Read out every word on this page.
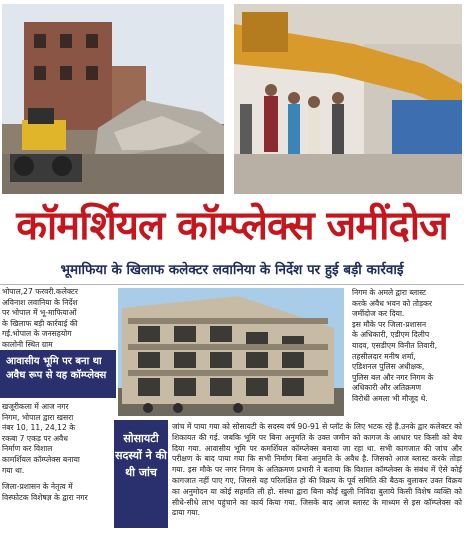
कॉमर्शियल कॉम्प्लेक्स जमींदोज
भूमाफिया के खिलाफ कलेक्टर लवानिया के निर्देश पर हुई बड़ी कार्रवाई
भोपाल,27 फरवरी.कलेक्टर
अविनाश लवानिया के निर्देश
पर भोपाल में भू-माफियाओं
के खिलाफ बड़ी कार्रवाई की
गई.भोपाल के जनसहयोग
कालोनी स्थित ग्राम
आवासीय भूमि पर बना था अवैध रूप से यह कॉम्प्लेक्स
खजूरीकला में आज नगर
निगम, भोपाल द्वारा खसरा
नंबर 10, 11, 24,12 के
रकबा 7 एकड़ पर अवैध
निर्माण कर विशाल
कामर्शियल कॉम्प्लेक्स बनाया
गया था.
जिला-प्रशासन के नेतृत्व में
विस्फोटक विशेषज्ञ के द्वारा नगर
निगम के अमले द्वारा ब्लास्ट
करके अवैध भवन को तोड़कर
जमींदोज कर दिया.
इस मौके पर जिला-प्रशासन
के अधिकारी, एडीएम दिलीप
यादव, एसडीएम विनीत तिवारी,
तहसीलदार मनीष शर्मा,
एडिशनल पुलिस अधीक्षक,
पुलिस बल और नगर निगम के
अधिकारी और अतिक्रमण
विरोधी अमला भी मौजूद थे.
सोसायटी सदस्यों ने की थी जांच
जांच में पाया गया को सोसायटी के सदस्य वर्ष 90-91 से प्लॉट के लिए भटक रहे है.उनके द्वार कलेक्टर को शिकायत की गई. जबकि भूमि पर बिना अनुमति के उक्त जमीन को कागज के आधार पर किसी को बेच दिया गया. आवासीय भूमि पर कमर्शियल कॉम्प्लेक्स बनाया जा रहा था. सभी कागजात की जांच और परीक्षण के बाद पाया गया कि सभी निर्माण बिना अनुमति के अवैध है. जिसको आज ब्लास्ट करके तोड़ा गया. इस मौके पर नगर निगम के अतिक्रमण प्रभारी ने बताया कि विशाल कॉम्प्लेक्स के संबंध में ऐसे कोई कागजात नहीं पाए गए, जिससे यह परिलक्षित हो की विक्रय के पूर्व समिति की बैठक बुलाकर उक्त विक्रय का अनुमोदन या कोई सहमति ली हो. संस्था द्वारा बिना कोई खुली निविदा बुलाये किसी विशेष व्यक्ति को सीधे-सीधे लाभ पहुंचाने का कार्य किया गया. जिसके बाद आज ब्लास्ट के माध्यम से इस कॉम्प्लेक्स को ढाया गया.
